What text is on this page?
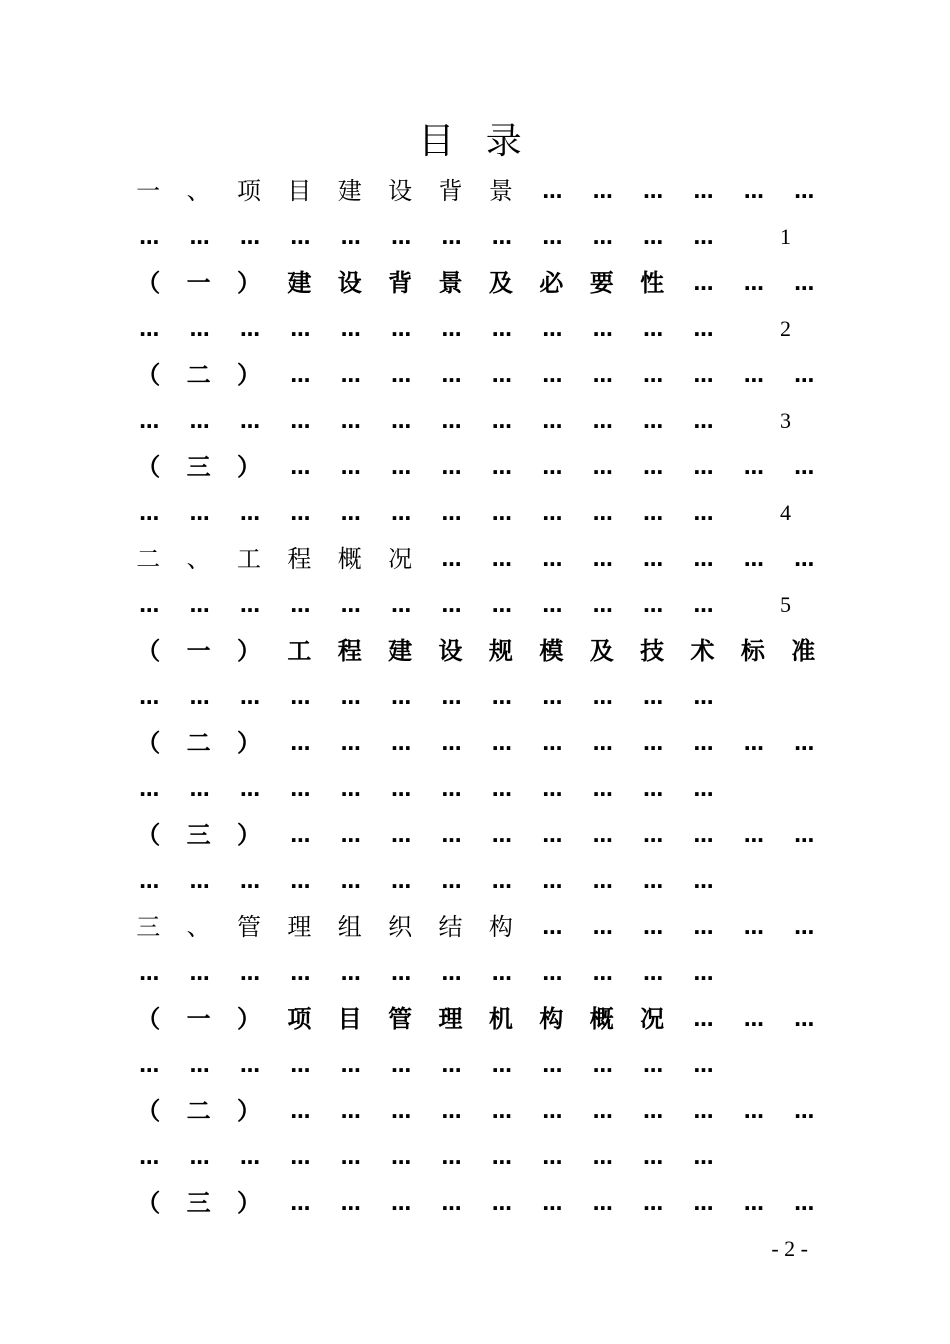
目 录
一	、	项	目	建	设	背	景	…	…	…	…	…	…
…	…	…	…	…	…	…	…	…	…	…	…	1
（	一	）	建	设	背	景	及	必	要	性	…	…	…
…	…	…	…	…	…	…	…	…	…	…	…	2
（	二	）	…	…	…	…	…	…	…	…	…	…	…
…	…	…	…	…	…	…	…	…	…	…	…	3
（	三	）	…	…	…	…	…	…	…	…	…	…	…
…	…	…	…	…	…	…	…	…	…	…	…	4
二	、	工	程	概	况	…	…	…	…	…	…	…	…
…	…	…	…	…	…	…	…	…	…	…	…	5
（	一	）	工	程	建	设	规	模	及	技	术	标	准
…	…	…	…	…	…	…	…	…	…	…	…
（	二	）	…	…	…	…	…	…	…	…	…	…	…
…	…	…	…	…	…	…	…	…	…	…	…
（	三	）	…	…	…	…	…	…	…	…	…	…	…
…	…	…	…	…	…	…	…	…	…	…	…
三	、	管	理	组	织	结	构	…	…	…	…	…	…
…	…	…	…	…	…	…	…	…	…	…	…
（	一	）	项	目	管	理	机	构	概	况	…	…	…
…	…	…	…	…	…	…	…	…	…	…	…
（	二	）	…	…	…	…	…	…	…	…	…	…	…
…	…	…	…	…	…	…	…	…	…	…	…
（	三	）	…	…	…	…	…	…	…	…	…	…	…
- 2 -
